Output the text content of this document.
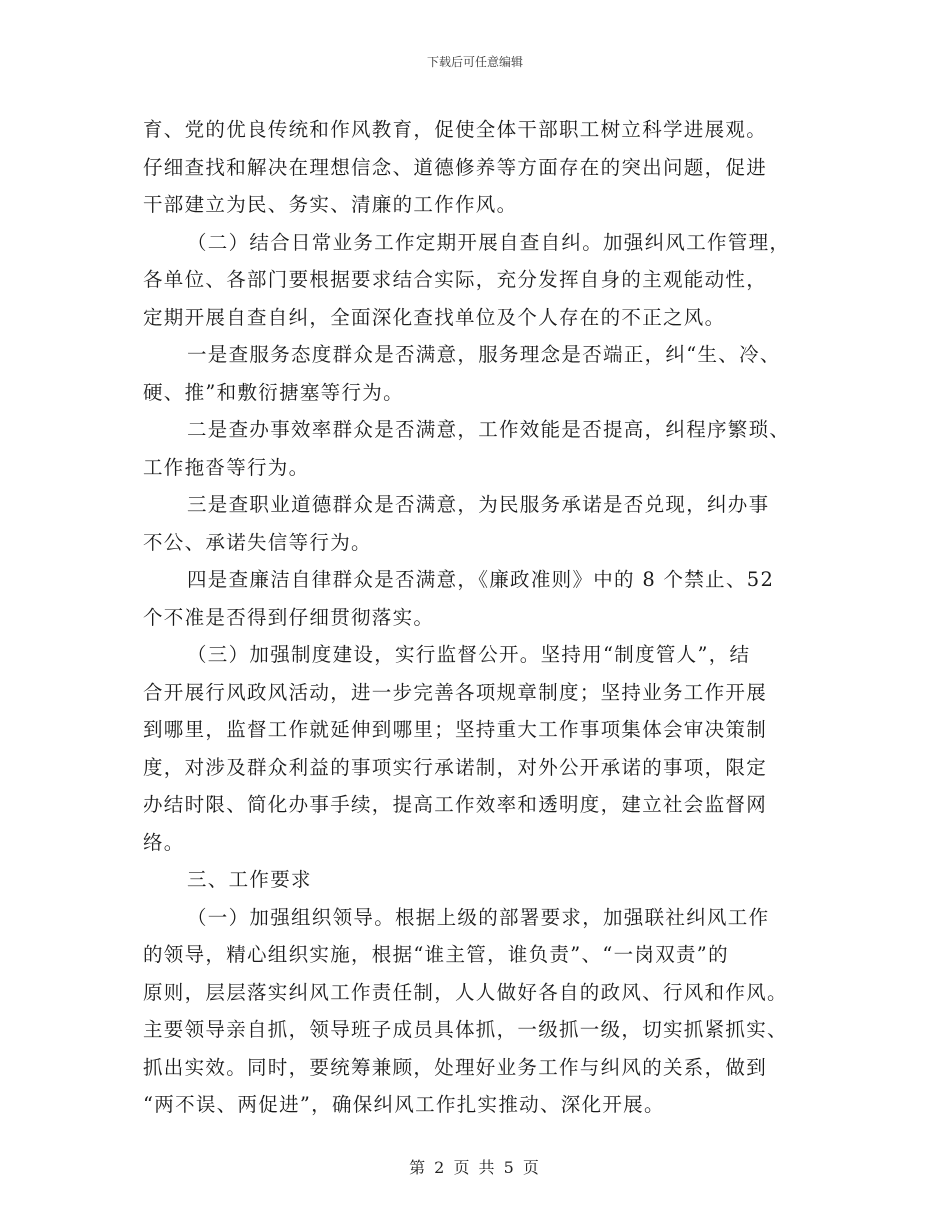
下载后可任意编辑
育、党的优良传统和作风教育，促使全体干部职工树立科学进展观。
仔细查找和解决在理想信念、道德修养等方面存在的突出问题，促进
干部建立为民、务实、清廉的工作作风。
（二）结合日常业务工作定期开展自查自纠。加强纠风工作管理，
各单位、各部门要根据要求结合实际，充分发挥自身的主观能动性，
定期开展自查自纠，全面深化查找单位及个人存在的不正之风。
一是查服务态度群众是否满意，服务理念是否端正，纠“生、冷、
硬、推”和敷衍搪塞等行为。
二是查办事效率群众是否满意，工作效能是否提高，纠程序繁琐、
工作拖沓等行为。
三是查职业道德群众是否满意，为民服务承诺是否兑现，纠办事
不公、承诺失信等行为。
四是查廉洁自律群众是否满意，《廉政准则》中的 8 个禁止、52
个不准是否得到仔细贯彻落实。
（三）加强制度建设，实行监督公开。坚持用“制度管人”，结
合开展行风政风活动，进一步完善各项规章制度；坚持业务工作开展
到哪里，监督工作就延伸到哪里；坚持重大工作事项集体会审决策制
度，对涉及群众利益的事项实行承诺制，对外公开承诺的事项，限定
办结时限、简化办事手续，提高工作效率和透明度，建立社会监督网
络。
三、工作要求
（一）加强组织领导。根据上级的部署要求，加强联社纠风工作
的领导，精心组织实施，根据“谁主管，谁负责”、“一岗双责”的
原则，层层落实纠风工作责任制，人人做好各自的政风、行风和作风。
主要领导亲自抓，领导班子成员具体抓，一级抓一级，切实抓紧抓实、
抓出实效。同时，要统筹兼顾，处理好业务工作与纠风的关系，做到
“两不误、两促进”，确保纠风工作扎实推动、深化开展。
第 2 页 共 5 页
